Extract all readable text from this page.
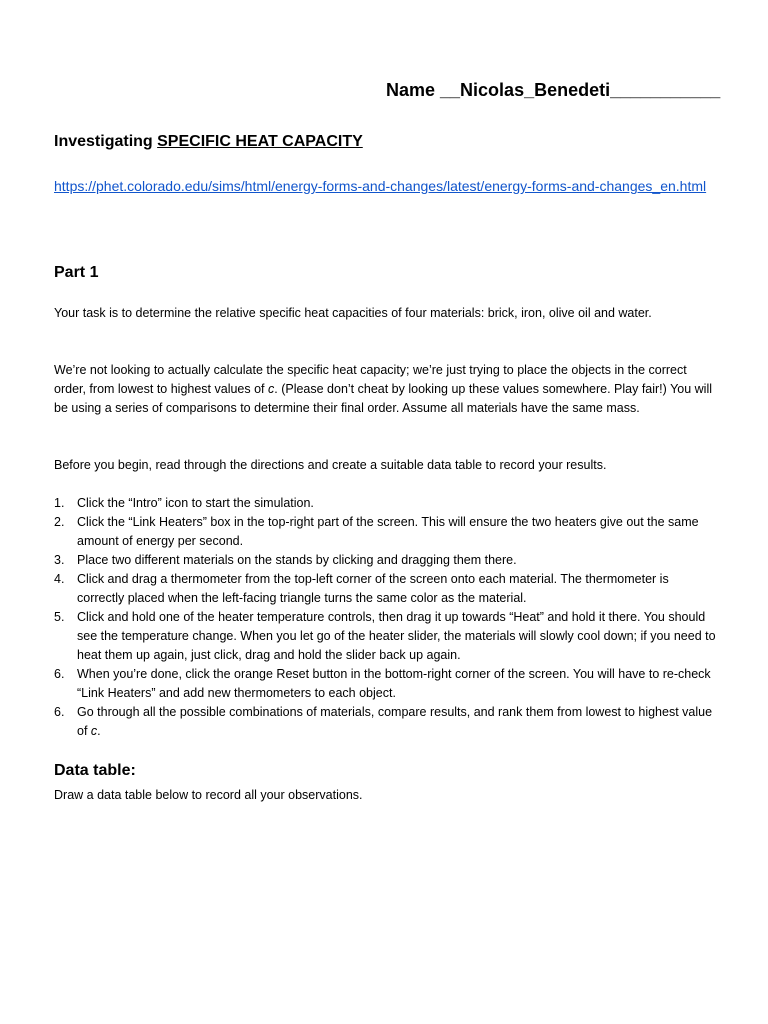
Name __Nicolas_Benedeti___________
Investigating SPECIFIC HEAT CAPACITY
https://phet.colorado.edu/sims/html/energy-forms-and-changes/latest/energy-forms-and-changes_en.html
Part 1
Your task is to determine the relative specific heat capacities of four materials: brick, iron, olive oil and water.
We’re not looking to actually calculate the specific heat capacity; we’re just trying to place the objects in the correct order, from lowest to highest values of c. (Please don’t cheat by looking up these values somewhere. Play fair!) You will be using a series of comparisons to determine their final order. Assume all materials have the same mass.
Before you begin, read through the directions and create a suitable data table to record your results.
1.	Click the “Intro” icon to start the simulation.
2.	Click the “Link Heaters” box in the top-right part of the screen. This will ensure the two heaters give out the same amount of energy per second.
3.	Place two different materials on the stands by clicking and dragging them there.
4.	Click and drag a thermometer from the top-left corner of the screen onto each material. The thermometer is correctly placed when the left-facing triangle turns the same color as the material.
5.	Click and hold one of the heater temperature controls, then drag it up towards “Heat” and hold it there. You should see the temperature change. When you let go of the heater slider, the materials will slowly cool down; if you need to heat them up again, just click, drag and hold the slider back up again.
6.	When you’re done, click the orange Reset button in the bottom-right corner of the screen. You will have to re-check “Link Heaters” and add new thermometers to each object.
6.	Go through all the possible combinations of materials, compare results, and rank them from lowest to highest value of c.
Data table:
Draw a data table below to record all your observations.
